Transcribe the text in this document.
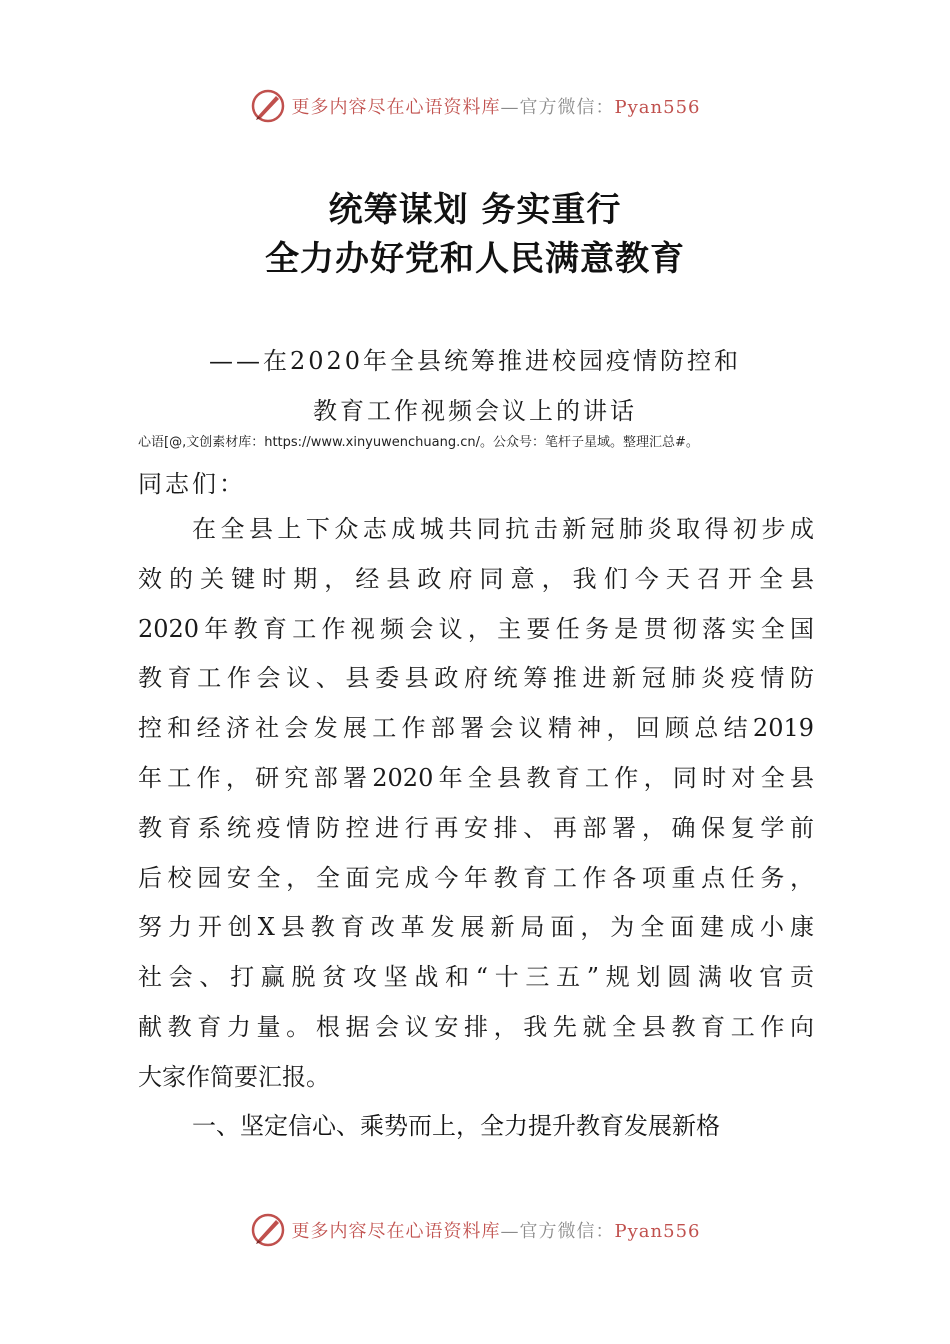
更多内容尽在心语资料库—官方微信：Pyan556
统筹谋划 务实重行
全力办好党和人民满意教育
——在2020年全县统筹推进校园疫情防控和
教育工作视频会议上的讲话
心语[@,文创素材库：https://www.xinyuwenchuang.cn/。公众号：笔杆子星域。整理汇总#。
同志们：
在全县上下众志成城共同抗击新冠肺炎取得初步成
效的关键时期，经县政府同意，我们今天召开全县
2020年教育工作视频会议，主要任务是贯彻落实全国
教育工作会议、县委县政府统筹推进新冠肺炎疫情防
控和经济社会发展工作部署会议精神，回顾总结2019
年工作，研究部署2020年全县教育工作，同时对全县
教育系统疫情防控进行再安排、再部署，确保复学前
后校园安全，全面完成今年教育工作各项重点任务，
努力开创X县教育改革发展新局面，为全面建成小康
社会、打赢脱贫攻坚战和“十三五”规划圆满收官贡
献教育力量。根据会议安排，我先就全县教育工作向
大家作简要汇报。
一、坚定信心、乘势而上，全力提升教育发展新格
更多内容尽在心语资料库—官方微信：Pyan556
